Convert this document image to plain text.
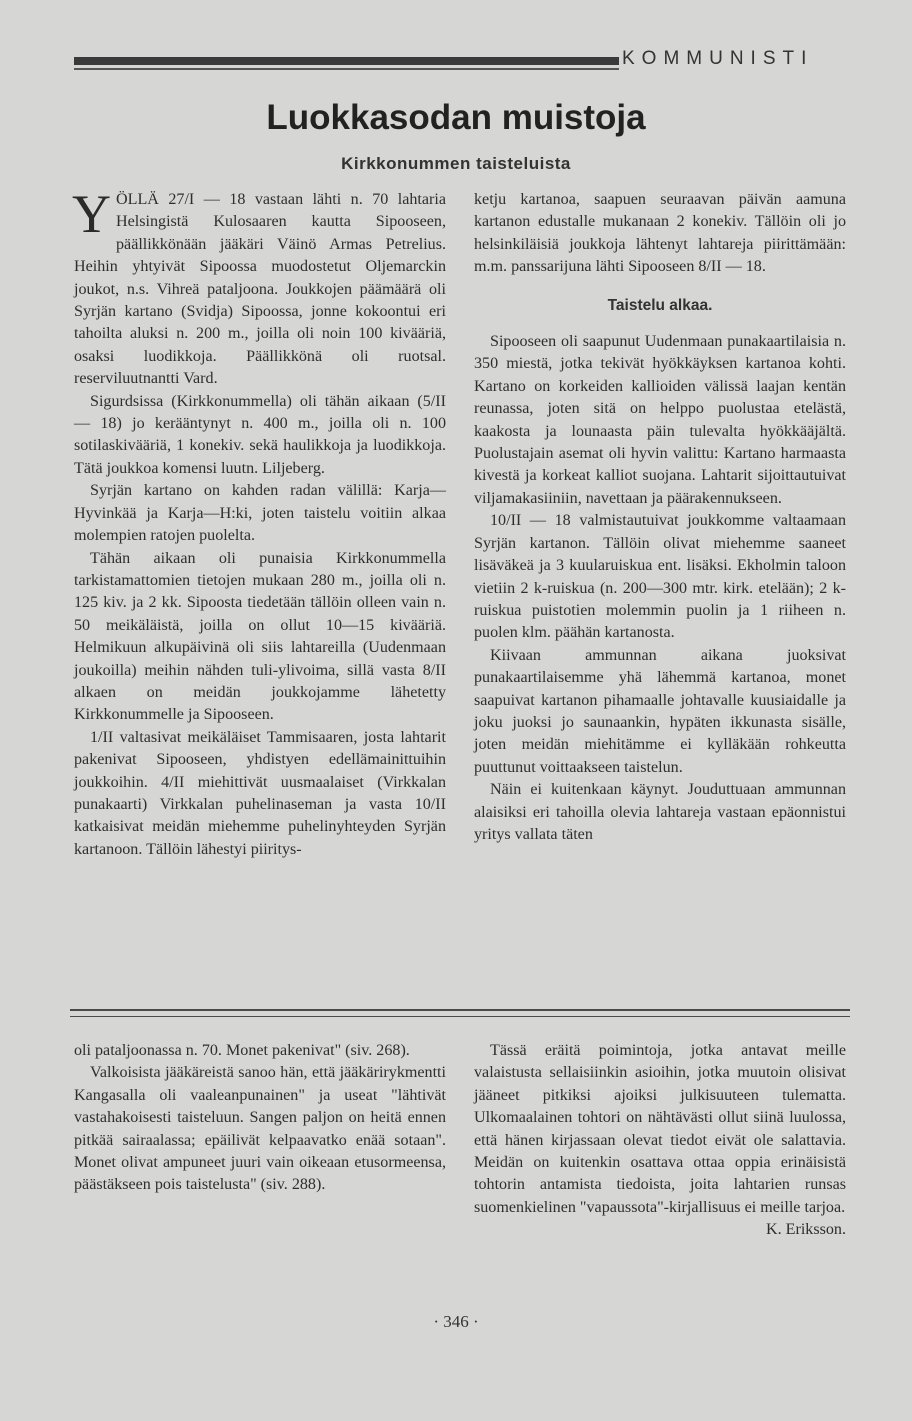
KOMMUNISTI
Luokkasodan muistoja
Kirkkonummen taisteluista

YÖLLÄ 27/I — 18 vastaan lähti n. 70 lahtaria Helsingistä Kulosaaren kautta Sipooseen, päällikkönään jääkäri Väinö Armas Petrelius. Heihin yhtyivät Sipoossa muodostetut Oljemarckin joukot, n.s. Vihreä pataljoona. Joukkojen päämäärä oli Syrjän kartano (Svidja) Sipoossa, jonne kokoontui eri tahoilta aluksi n. 200 m., joilla oli noin 100 kivääriä, osaksi luodikkoja. Päällikkönä oli ruotsal. reserviluutnantti Vard.

Sigurdsissa (Kirkkonummella) oli tähän aikaan (5/II — 18) jo kerääntynyt n. 400 m., joilla oli n. 100 sotilaskivääriä, 1 konekiv. sekä haulikkoja ja luodikkoja. Tätä joukkoa komensi luutn. Liljeberg.

Syrjän kartano on kahden radan välillä: Karja—Hyvinkää ja Karja—H:ki, joten taistelu voitiin alkaa molempien ratojen puolelta.

Tähän aikaan oli punaisia Kirkkonummella tarkistamattomien tietojen mukaan 280 m., joilla oli n. 125 kiv. ja 2 kk. Sipoosta tiedetään tällöin olleen vain n. 50 meikäläistä, joilla on ollut 10—15 kivääriä. Helmikuun alkupäivinä oli siis lahtareilla (Uudenmaan joukoilla) meihin nähden tuli-ylivoima, sillä vasta 8/II alkaen on meidän joukkojamme lähetetty Kirkkonummelle ja Sipooseen.

1/II valtasivat meikäläiset Tammisaaren, josta lahtarit pakenivat Sipooseen, yhdistyen edellämainittuihin joukkoihin. 4/II miehittivät uusmaalaiset (Virkkalan punakaarti) Virkkalan puhelinaseman ja vasta 10/II katkaisivat meidän miehemme puhelinyhteyden Syrjän kartanoon. Tällöin lähestyi piiritys-

ketju kartanoa, saapuen seuraavan päivän aamuna kartanon edustalle mukanaan 2 konekiv. Tällöin oli jo helsinkiläisiä joukkoja lähtenyt lahtareja piirittämään: m.m. panssarijuna lähti Sipooseen 8/II — 18.

Taistelu alkaa.

Sipooseen oli saapunut Uudenmaan punakaartilaisia n. 350 miestä, jotka tekivät hyökkäyksen kartanoa kohti. Kartano on korkeiden kallioiden välissä laajan kentän reunassa, joten sitä on helppo puolustaa etelästä, kaakosta ja lounaasta päin tulevalta hyökkääjältä. Puolustajain asemat oli hyvin valittu: Kartano harmaasta kivestä ja korkeat kalliot suojana. Lahtarit sijoittautuivat viljamakasiiniin, navettaan ja päärakennukseen.

10/II — 18 valmistautuivat joukkomme valtaamaan Syrjän kartanon. Tällöin olivat miehemme saaneet lisäväkeä ja 3 kuularuiskua ent. lisäksi. Ekholmin taloon vietiin 2 k-ruiskua (n. 200—300 mtr. kirk. etelään); 2 k-ruiskua puistotien molemmin puolin ja 1 riiheen n. puolen klm. päähän kartanosta.

Kiivaan ammunnan aikana juoksivat punakaartilaisemme yhä lähemmä kartanoa, monet saapuivat kartanon pihamaalle johtavalle kuusiaidalle ja joku juoksi jo saunaankin, hypäten ikkunasta sisälle, joten meidän miehitämme ei kylläkään rohkeutta puuttunut voittaakseen taistelun.

Näin ei kuitenkaan käynyt. Jouduttuaan ammunnan alaisiksi eri tahoilla olevia lahtareja vastaan epäonnistui yritys vallata täten

oli pataljoonassa n. 70. Monet pakenivat" (siv. 268).

Valkoisista jääkäreistä sanoo hän, että jääkärirykmentti Kangasalla oli vaaleanpunainen" ja useat "lähtivät vastahakoisesti taisteluun. Sangen paljon on heitä ennen pitkää sairaalassa; epäilivät kelpaavatko enää sotaan". Monet olivat ampuneet juuri vain oikeaan etusormeensa, päästäkseen pois taistelusta" (siv. 288).

Tässä eräitä poimintoja, jotka antavat meille valaistusta sellaisiinkin asioihin, jotka muutoin olisivat jääneet pitkiksi ajoiksi julkisuuteen tulematta. Ulkomaalainen tohtori on nähtävästi ollut siinä luulossa, että hänen kirjassaan olevat tiedot eivät ole salattavia. Meidän on kuitenkin osattava ottaa oppia erinäisistä tohtorin antamista tiedoista, joita lahtarien runsas suomenkielinen "vapaussota"-kirjallisuus ei meille tarjoa.
K. Eriksson.

· 346 ·
